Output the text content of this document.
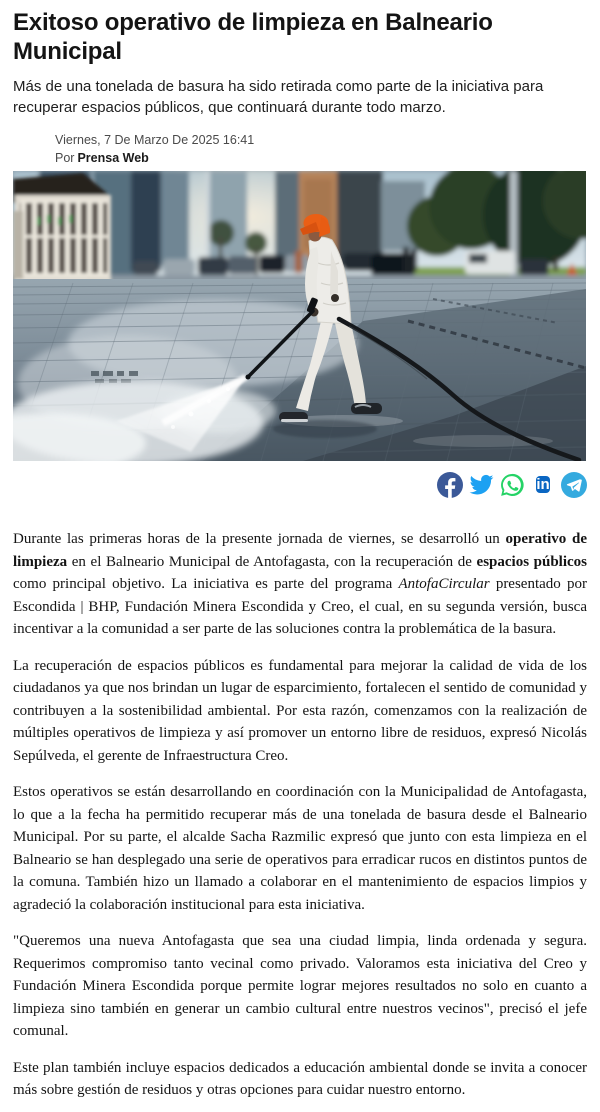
Exitoso operativo de limpieza en Balneario Municipal

Más de una tonelada de basura ha sido retirada como parte de la iniciativa para recuperar espacios públicos, que continuará durante todo marzo.

Viernes, 7 De Marzo De 2025 16:41
Por Prensa Web
in

Durante las primeras horas de la presente jornada de viernes, se desarrolló un operativo de limpieza en el Balneario Municipal de Antofagasta, con la recuperación de espacios públicos como principal objetivo. La iniciativa es parte del programa AntofaCircular presentado por Escondida | BHP, Fundación Minera Escondida y Creo, el cual, en su segunda versión, busca incentivar a la comunidad a ser parte de las soluciones contra la problemática de la basura.

La recuperación de espacios públicos es fundamental para mejorar la calidad de vida de los ciudadanos ya que nos brindan un lugar de esparcimiento, fortalecen el sentido de comunidad y contribuyen a la sostenibilidad ambiental. Por esta razón, comenzamos con la realización de múltiples operativos de limpieza y así promover un entorno libre de residuos, expresó Nicolás Sepúlveda, el gerente de Infraestructura Creo.

Estos operativos se están desarrollando en coordinación con la Municipalidad de Antofagasta, lo que a la fecha ha permitido recuperar más de una tonelada de basura desde el Balneario Municipal. Por su parte, el alcalde Sacha Razmilic expresó que junto con esta limpieza en el Balneario se han desplegado una serie de operativos para erradicar rucos en distintos puntos de la comuna. También hizo un llamado a colaborar en el mantenimiento de espacios limpios y agradeció la colaboración institucional para esta iniciativa.

"Queremos una nueva Antofagasta que sea una ciudad limpia, linda ordenada y segura. Requerimos compromiso tanto vecinal como privado. Valoramos esta iniciativa del Creo y Fundación Minera Escondida porque permite lograr mejores resultados no solo en cuanto a limpieza sino también en generar un cambio cultural entre nuestros vecinos", precisó el jefe comunal.

Este plan también incluye espacios dedicados a educación ambiental donde se invita a conocer más sobre gestión de residuos y otras opciones para cuidar nuestro entorno.
